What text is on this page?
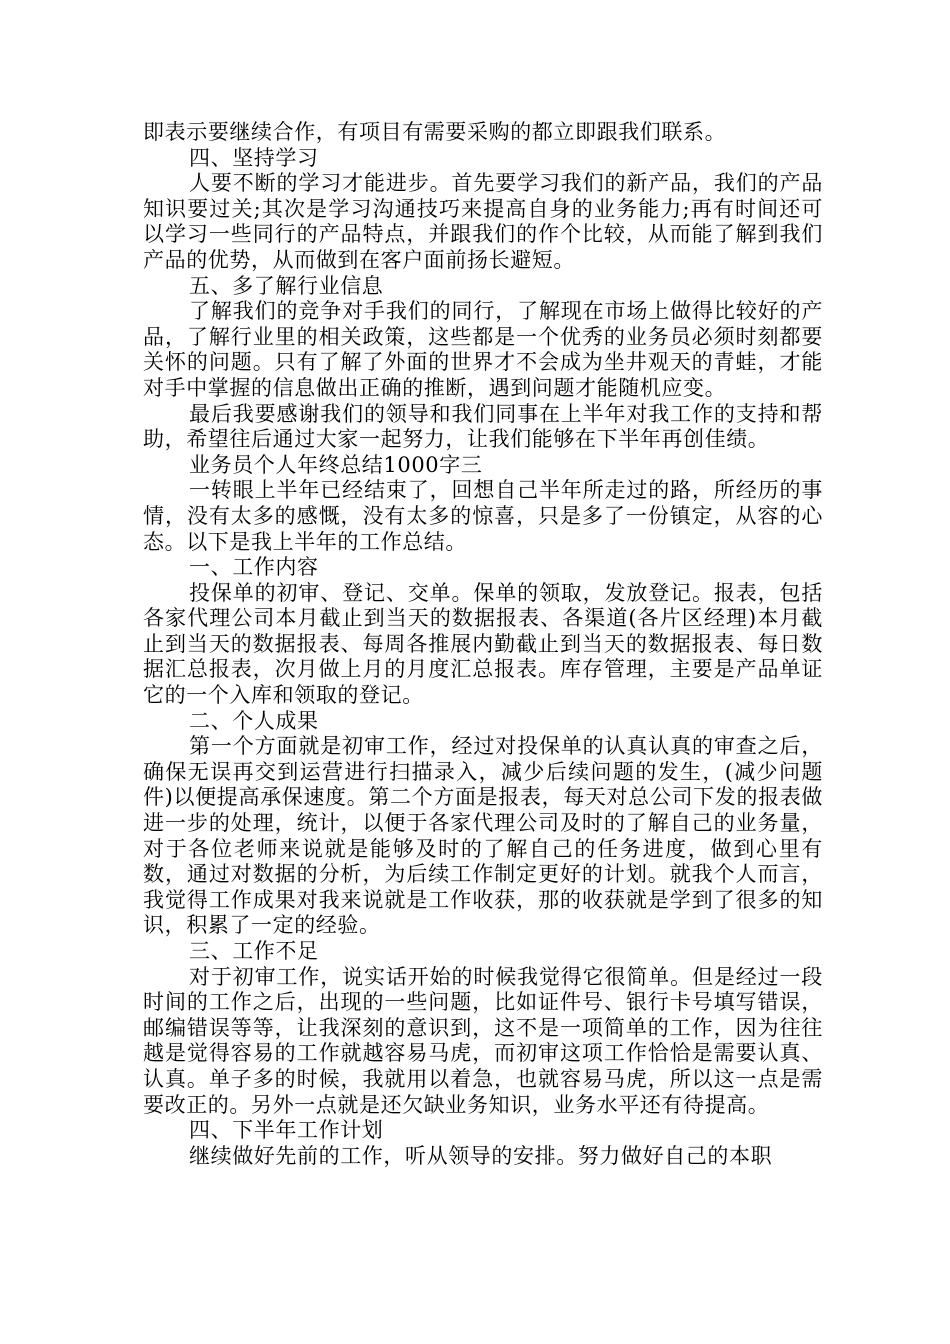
即表示要继续合作，有项目有需要采购的都立即跟我们联系。

四、坚持学习

人要不断的学习才能进步。首先要学习我们的新产品，我们的产品知识要过关;其次是学习沟通技巧来提高自身的业务能力;再有时间还可以学习一些同行的产品特点，并跟我们的作个比较，从而能了解到我们产品的优势，从而做到在客户面前扬长避短。

五、多了解行业信息

了解我们的竞争对手我们的同行，了解现在市场上做得比较好的产品，了解行业里的相关政策，这些都是一个优秀的业务员必须时刻都要关怀的问题。只有了解了外面的世界才不会成为坐井观天的青蛙，才能对手中掌握的信息做出正确的推断，遇到问题才能随机应变。

最后我要感谢我们的领导和我们同事在上半年对我工作的支持和帮助，希望往后通过大家一起努力，让我们能够在下半年再创佳绩。

业务员个人年终总结1000字三

一转眼上半年已经结束了，回想自己半年所走过的路，所经历的事情，没有太多的感慨，没有太多的惊喜，只是多了一份镇定，从容的心态。以下是我上半年的工作总结。

一、工作内容

投保单的初审、登记、交单。保单的领取，发放登记。报表，包括各家代理公司本月截止到当天的数据报表、各渠道(各片区经理)本月截止到当天的数据报表、每周各推展内勤截止到当天的数据报表、每日数据汇总报表，次月做上月的月度汇总报表。库存管理，主要是产品单证它的一个入库和领取的登记。

二、个人成果

第一个方面就是初审工作，经过对投保单的认真认真的审查之后，确保无误再交到运营进行扫描录入，减少后续问题的发生，(减少问题件)以便提高承保速度。第二个方面是报表，每天对总公司下发的报表做进一步的处理，统计，以便于各家代理公司及时的了解自己的业务量，对于各位老师来说就是能够及时的了解自己的任务进度，做到心里有数，通过对数据的分析，为后续工作制定更好的计划。就我个人而言，我觉得工作成果对我来说就是工作收获，那的收获就是学到了很多的知识，积累了一定的经验。

三、工作不足

对于初审工作，说实话开始的时候我觉得它很简单。但是经过一段时间的工作之后，出现的一些问题，比如证件号、银行卡号填写错误，邮编错误等等，让我深刻的意识到，这不是一项简单的工作，因为往往越是觉得容易的工作就越容易马虎，而初审这项工作恰恰是需要认真、认真。单子多的时候，我就用以着急，也就容易马虎，所以这一点是需要改正的。另外一点就是还欠缺业务知识，业务水平还有待提高。

四、下半年工作计划

继续做好先前的工作，听从领导的安排。努力做好自己的本职
